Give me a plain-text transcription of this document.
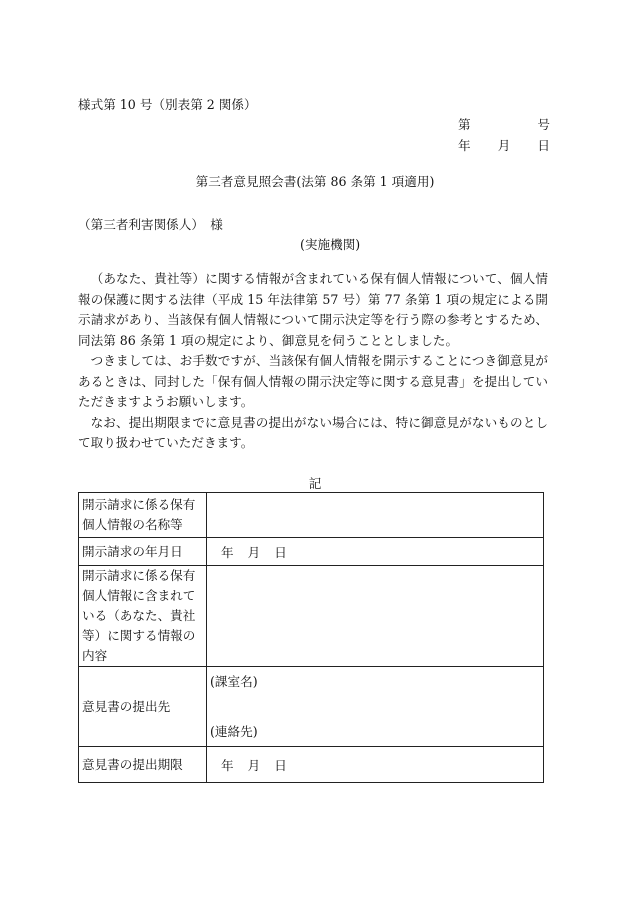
様式第 10 号（別表第 2 関係）
第	号
年 月 日
第三者意見照会書(法第 86 条第 1 項適用)
（第三者利害関係人）　様
(実施機関)

（あなた、貴社等）に関する情報が含まれている保有個人情報について、個人情報の保護に関する法律（平成 15 年法律第 57 号）第 77 条第 1 項の規定による開示請求があり、当該保有個人情報について開示決定等を行う際の参考とするため、同法第 86 条第 1 項の規定により、御意見を伺うこととしました。

つきましては、お手数ですが、当該保有個人情報を開示することにつき御意見があるときは、同封した「保有個人情報の開示決定等に関する意見書」を提出していただきますようお願いします。

なお、提出期限までに意見書の提出がない場合には、特に御意見がないものとして取り扱わせていただきます。

記
開示請求に係る保有個人情報の名称等	
開示請求の年月日	年 月 日

開示請求に係る保有個人情報に含まれている（あなた、貴社等）に関する情報の内容	
意見書の提出先	(課室名)
(連絡先)

意見書の提出期限	年 月 日
